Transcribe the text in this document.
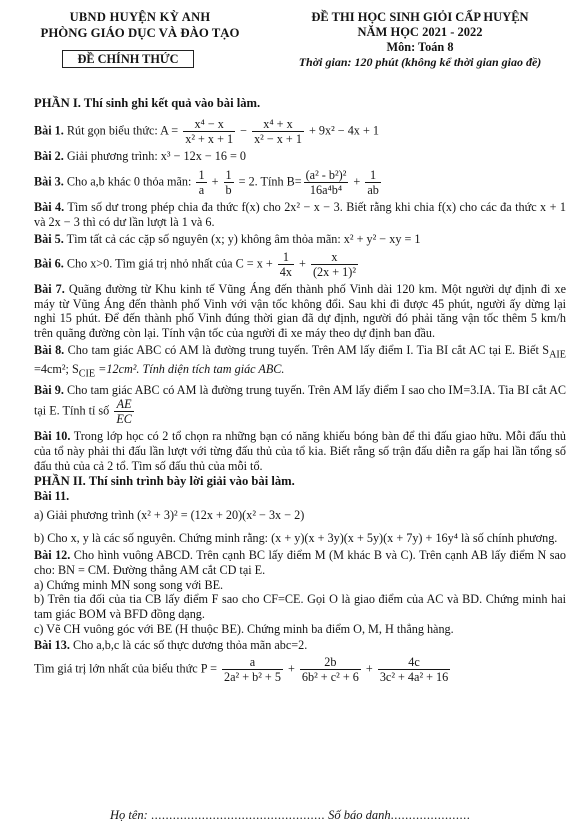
UBND HUYỆN KỲ ANH
PHÒNG GIÁO DỤC VÀ ĐÀO TẠO
ĐỀ CHÍNH THỨC
ĐỀ THI HỌC SINH GIỎI CẤP HUYỆN
NĂM HỌC 2021 - 2022
Môn: Toán 8
Thời gian: 120 phút (không kể thời gian giao đề)

PHẦN I. Thí sinh ghi kết quả vào bài làm.

Bài 1. Rút gọn biểu thức: $A = \frac{\text{x⁴ − x}}{\text{x² + x + 1}} - \frac{\text{x⁴ + x}}{\text{x² − x + 1}} + 9x^2 - 4x + 1$

Bài 2. Giải phương trình: x³ − 12x − 16 = 0

Bài 3. Cho a,b khác 0 thỏa mãn: $\frac{1}{a} + \frac{1}{b} = 2$. Tính $B= \frac{\text{(a² - b²)²}}{\text{16a⁴b⁴}} + \frac{1}{ab}$

Bài 4. Tìm số dư trong phép chia đa thức f(x) cho 2x² − x − 3. Biết rằng khi chia f(x) cho các đa thức x + 1 và 2x − 3 thì có dư lần lượt là 1 và 6.

Bài 5. Tìm tất cả các cặp số nguyên (x; y) không âm thỏa mãn: x² + y² − xy = 1

Bài 6. Cho x>0. Tìm giá trị nhỏ nhất của $C = x + \frac{1}{4x} + \frac{x}{\text{(2x + 1)²}}$

Bài 7. Quãng đường từ Khu kinh tế Vũng Áng đến thành phố Vinh dài 120 km. Một người dự định đi xe máy từ Vũng Áng đến thành phố Vinh với vận tốc không đổi. Sau khi đi được 45 phút, người ấy dừng lại nghỉ 15 phút. Để đến thành phố Vinh đúng thời gian đã dự định, người đó phải tăng vận tốc thêm 5 km/h trên quãng đường còn lại. Tính vận tốc của người đi xe máy theo dự định ban đầu.

Bài 8. Cho tam giác ABC có AM là đường trung tuyến. Trên AM lấy điểm I. Tia BI cắt AC tại E. Biết $S_{AIE} =4cm^2$; $S_{CIE} =12cm^2$. Tính diện tích tam giác ABC.

Bài 9. Cho tam giác ABC có AM là đường trung tuyến. Trên AM lấy điểm I sao cho IM=3.IA. Tia BI cắt AC tại E. Tính tỉ số $\frac{AE}{EC}$

Bài 10. Trong lớp học có 2 tổ chọn ra những bạn có năng khiếu bóng bàn để thi đấu giao hữu. Mỗi đấu thủ của tổ này phải thi đấu lần lượt với từng đấu thủ của tổ kia. Biết rằng số trận đấu diễn ra gấp hai lần tổng số đấu thủ của cả 2 tổ. Tìm số đấu thủ của mỗi tổ.

PHẦN II. Thí sinh trình bày lời giải vào bài làm.

Bài 11.

a) Giải phương trình (x² + 3)² = (12x + 20)(x² − 3x − 2)

b) Cho x, y là các số nguyên. Chứng minh rằng: (x + y)(x + 3y)(x + 5y)(x + 7y) + 16y⁴ là số chính phương.

Bài 12. Cho hình vuông ABCD. Trên cạnh BC lấy điểm M (M khác B và C). Trên cạnh AB lấy điểm N sao cho: BN = CM. Đường thẳng AM cắt CD tại E.

a) Chứng minh MN song song với BE.

b) Trên tia đối của tia CB lấy điểm F sao cho CF=CE. Gọi O là giao điểm của AC và BD. Chứng minh hai tam giác BOM và BFD đồng dạng.

c) Vẽ CH vuông góc với BE (H thuộc BE). Chứng minh ba điểm O, M, H thẳng hàng.

Bài 13. Cho a,b,c là các số thực dương thỏa mãn abc=2.

Tìm giá trị lớn nhất của biểu thức $P = \frac{a}{\text{2a² + b² + 5}} + \frac{2b}{\text{6b² + c² + 6}} + \frac{4c}{\text{3c² + 4a² + 16}}$

Họ tên: ................................................ Số báo danh......................
